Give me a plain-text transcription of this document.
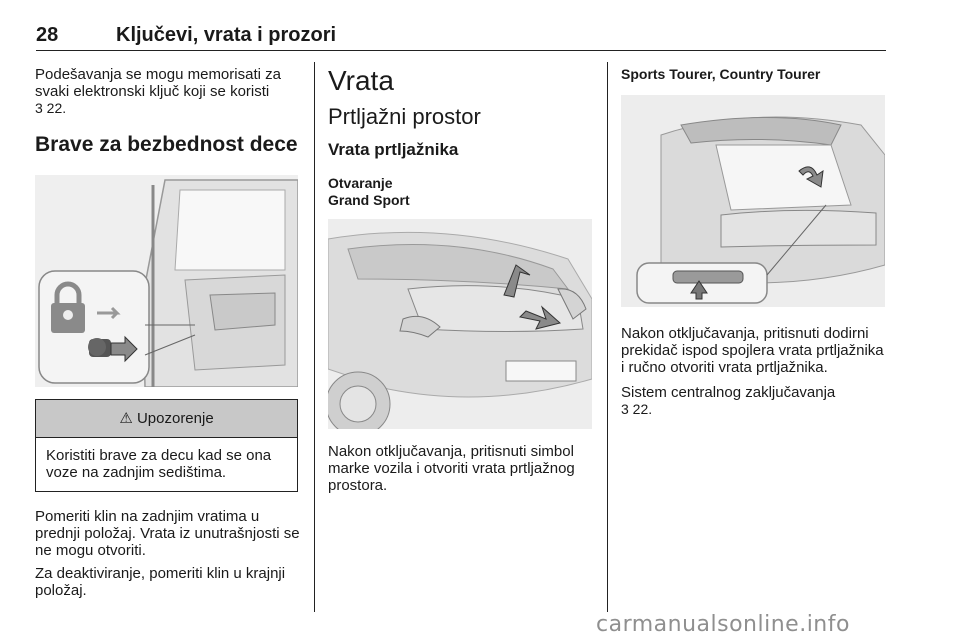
28	Ključevi, vrata i prozori

Podešavanja se mogu memorisati za svaki elektronski ključ koji se koristi

3 22.

Brave za bezbednost dece
⚠ Upozorenje
Koristiti brave za decu kad se ona voze na zadnjim sedištima.

Pomeriti klin na zadnjim vratima u prednji položaj. Vrata iz unutrašnjosti se ne mogu otvoriti.

Za deaktiviranje, pomeriti klin u krajnji položaj.

Vrata
Prtljažni prostor
Vrata prtljažnika

Otvaranje

Grand Sport

Nakon otključavanja, pritisnuti simbol marke vozila i otvoriti vrata prtljažnog prostora.

Sports Tourer, Country Tourer

Nakon otključavanja, pritisnuti dodirni prekidač ispod spojlera vrata prtljažnika i ručno otvoriti vrata prtljažnika.

Sistem centralnog zaključavanja

3 22.

carmanualsonline.info
